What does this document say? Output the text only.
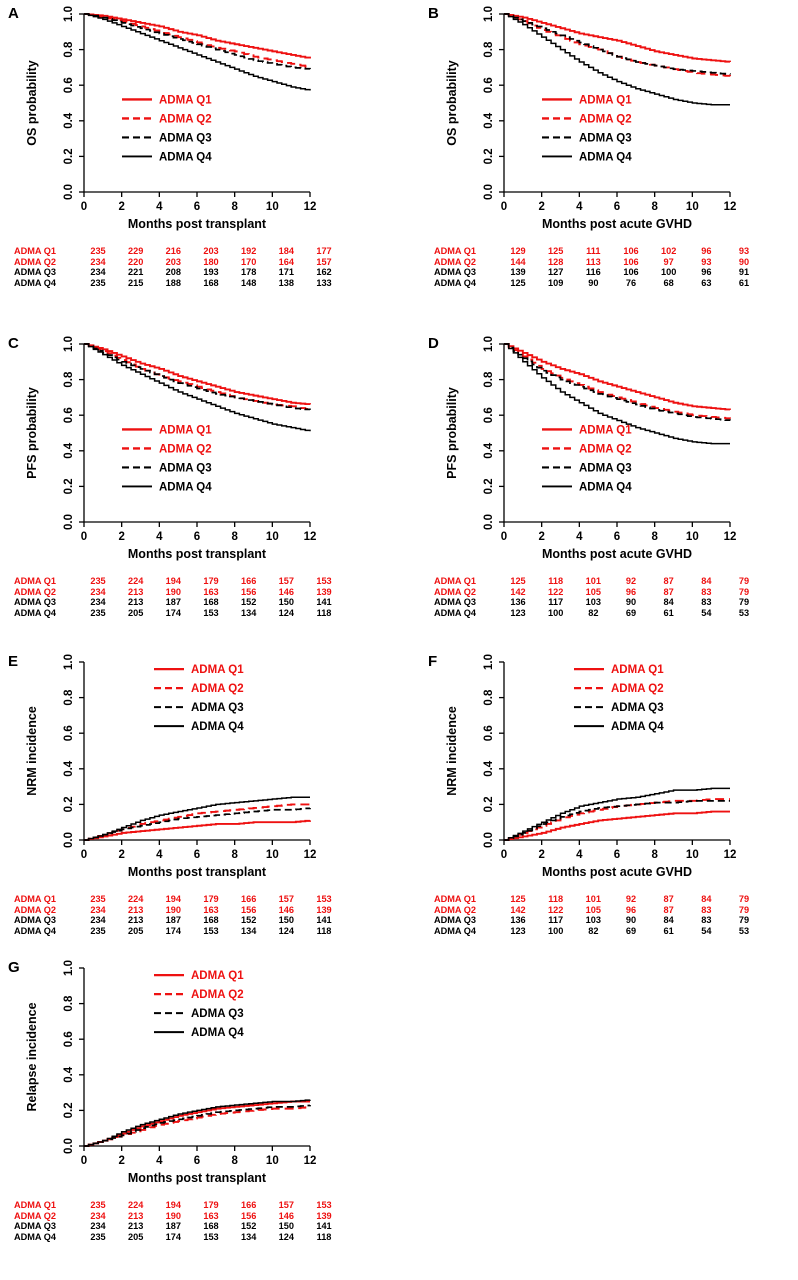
A
0.0
0.2
0.4
0.6
0.8
1.0
0	2	4	6	8 10 12
OS probability
Months post transplant
ADMA Q1
ADMA Q2
ADMA Q3
ADMA Q4
ADMA Q1	235 229 216 203 192 184 177
ADMA Q2	234 220 203 180 170 164 157
ADMA Q3	234 221 208 193 178 171 162
ADMA Q4	235 215 188 168 148 138 133
B
0.0
0.2
0.4
0.6
0.8
1.0
0	2	4	6	8 10 12
OS probability
Months post acute GVHD
ADMA Q1
ADMA Q2
ADMA Q3
ADMA Q4
ADMA Q1	129 125 111 106 102	96	93
ADMA Q2	144 128 113 106	97	93	90
ADMA Q3	139 127 116 106 100	96	91
ADMA Q4	125 109	90	76	68	63	61
C
0.0
0.2
0.4
0.6
0.8
1.0
0	2	4	6	8 10 12
PFS probability
Months post transplant
ADMA Q1
ADMA Q2
ADMA Q3
ADMA Q4
ADMA Q1	235 224 194 179 166 157 153
ADMA Q2	234 213 190 163 156 146 139
ADMA Q3	234 213 187 168 152 150 141
ADMA Q4	235 205 174 153 134 124 118
D
0.0
0.2
0.4
0.6
0.8
1.0
0	2	4	6	8 10 12
PFS probability
Months post acute GVHD
ADMA Q1
ADMA Q2
ADMA Q3
ADMA Q4
ADMA Q1	125 118 101	92	87	84	79
ADMA Q2	142 122 105	96	87	83	79
ADMA Q3	136 117 103	90	84	83	79
ADMA Q4	123 100	82	69	61	54	53
E
0.0
0.2
0.4
0.6
0.8
1.0
0	2	4	6	8 10 12
NRM incidence
Months post transplant
ADMA Q1
ADMA Q2
ADMA Q3
ADMA Q4
ADMA Q1	235 224 194 179 166 157 153
ADMA Q2	234 213 190 163 156 146 139
ADMA Q3	234 213 187 168 152 150 141
ADMA Q4	235 205 174 153 134 124 118
F
0.0
0.2
0.4
0.6
0.8
1.0
0	2	4	6	8 10 12
NRM incidence
Months post acute GVHD
ADMA Q1
ADMA Q2
ADMA Q3
ADMA Q4
ADMA Q1	125 118 101	92	87	84	79
ADMA Q2	142 122 105	96	87	83	79
ADMA Q3	136 117 103	90	84	83	79
ADMA Q4	123 100	82	69	61	54	53
G
0.0
0.2
0.4
0.6
0.8
1.0
0	2	4	6	8 10 12
Relapse incidence
Months post transplant
ADMA Q1
ADMA Q2
ADMA Q3
ADMA Q4
ADMA Q1	235 224 194 179 166 157 153
ADMA Q2	234 213 190 163 156 146 139
ADMA Q3	234 213 187 168 152 150 141
ADMA Q4	235 205 174 153 134 124 118
